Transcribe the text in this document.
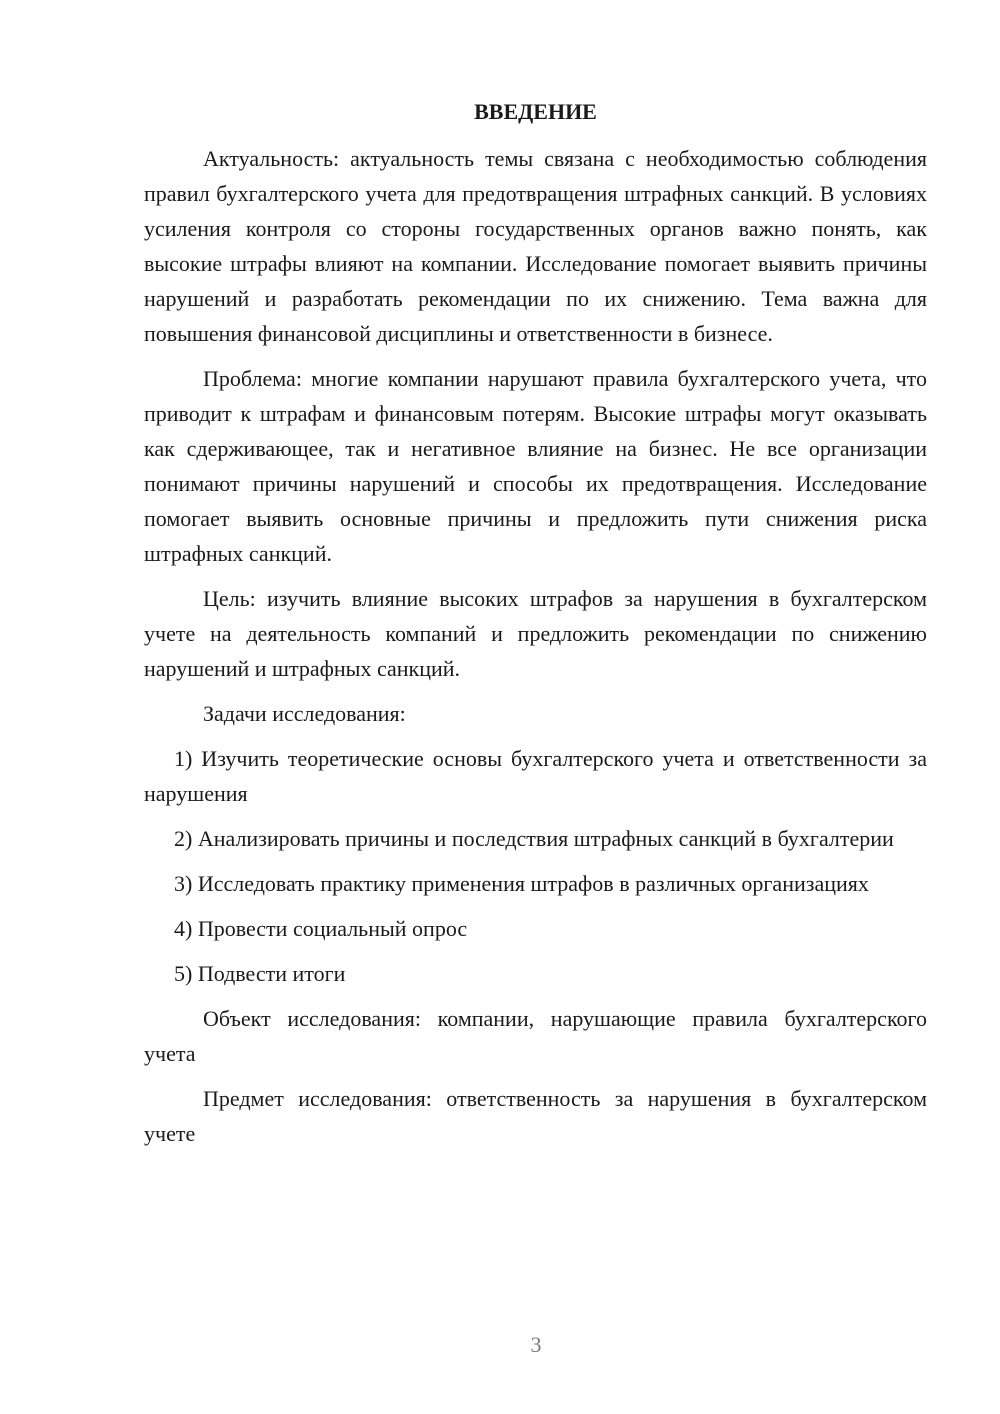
ВВЕДЕНИЕ

Актуальность: актуальность темы связана с необходимостью соблюдения правил бухгалтерского учета для предотвращения штрафных санкций. В условиях усиления контроля со стороны государственных органов важно понять, как высокие штрафы влияют на компании. Исследование помогает выявить причины нарушений и разработать рекомендации по их снижению. Тема важна для повышения финансовой дисциплины и ответственности в бизнесе.

Проблема: многие компании нарушают правила бухгалтерского учета, что приводит к штрафам и финансовым потерям. Высокие штрафы могут оказывать как сдерживающее, так и негативное влияние на бизнес. Не все организации понимают причины нарушений и способы их предотвращения. Исследование помогает выявить основные причины и предложить пути снижения риска штрафных санкций.

Цель: изучить влияние высоких штрафов за нарушения в бухгалтерском учете на деятельность компаний и предложить рекомендации по снижению нарушений и штрафных санкций.

Задачи исследования:

1) Изучить теоретические основы бухгалтерского учета и ответственности за нарушения

2) Анализировать причины и последствия штрафных санкций в бухгалтерии

3) Исследовать практику применения штрафов в различных организациях

4) Провести социальный опрос

5) Подвести итоги

Объект исследования: компании, нарушающие правила бухгалтерского учета

Предмет исследования: ответственность за нарушения в бухгалтерском учете

3
